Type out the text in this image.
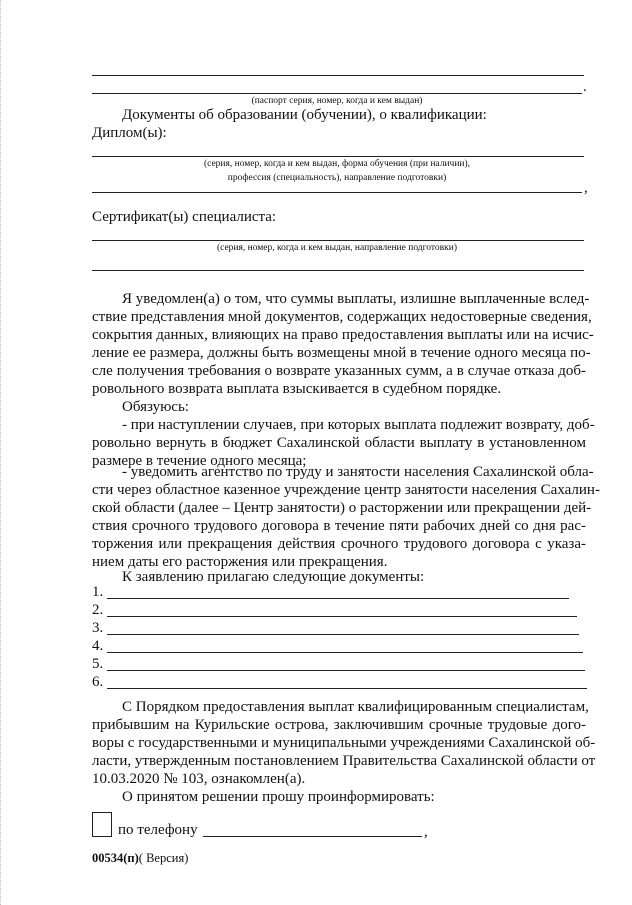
.
(паспорт серия, номер, когда и кем выдан)
Документы об образовании (обучении), о квалификации:
Диплом(ы):
(серия, номер, когда и кем выдан, форма обучения (при наличии),
профессия (специальность), направление подготовки)
,
Сертификат(ы) специалиста:
(серия, номер, когда и кем выдан, направление подготовки)
Я уведомлен(а) о том, что суммы выплаты, излишне выплаченные вслед-
ствие представления мной документов, содержащих недостоверные сведения,
сокрытия данных, влияющих на право предоставления выплаты или на исчис-
ление ее размера, должны быть возмещены мной в течение одного месяца по-
сле получения требования о возврате указанных сумм, а в случае отказа доб-
ровольного возврата выплата взыскивается в судебном порядке.
Обязуюсь:
- при наступлении случаев, при которых выплата подлежит возврату, доб-
ровольно вернуть в бюджет Сахалинской области выплату в установленном
размере в течение одного месяца;
- уведомить агентство по труду и занятости населения Сахалинской обла-
сти через областное казенное учреждение центр занятости населения Сахалин-
ской области (далее – Центр занятости) о расторжении или прекращении дей-
ствия срочного трудового договора в течение пяти рабочих дней со дня рас-
торжения или прекращения действия срочного трудового договора с указа-
нием даты его расторжения или прекращения.
К заявлению прилагаю следующие документы:
1.
2.
3.
4.
5.
6.
С Порядком предоставления выплат квалифицированным специалистам,
прибывшим на Курильские острова, заключившим срочные трудовые дого-
воры с государственными и муниципальными учреждениями Сахалинской об-
ласти, утвержденным постановлением Правительства Сахалинской области от
10.03.2020 № 103, ознакомлен(а).
О принятом решении прошу проинформировать:
по телефону	,
00534(п)( Версия)
